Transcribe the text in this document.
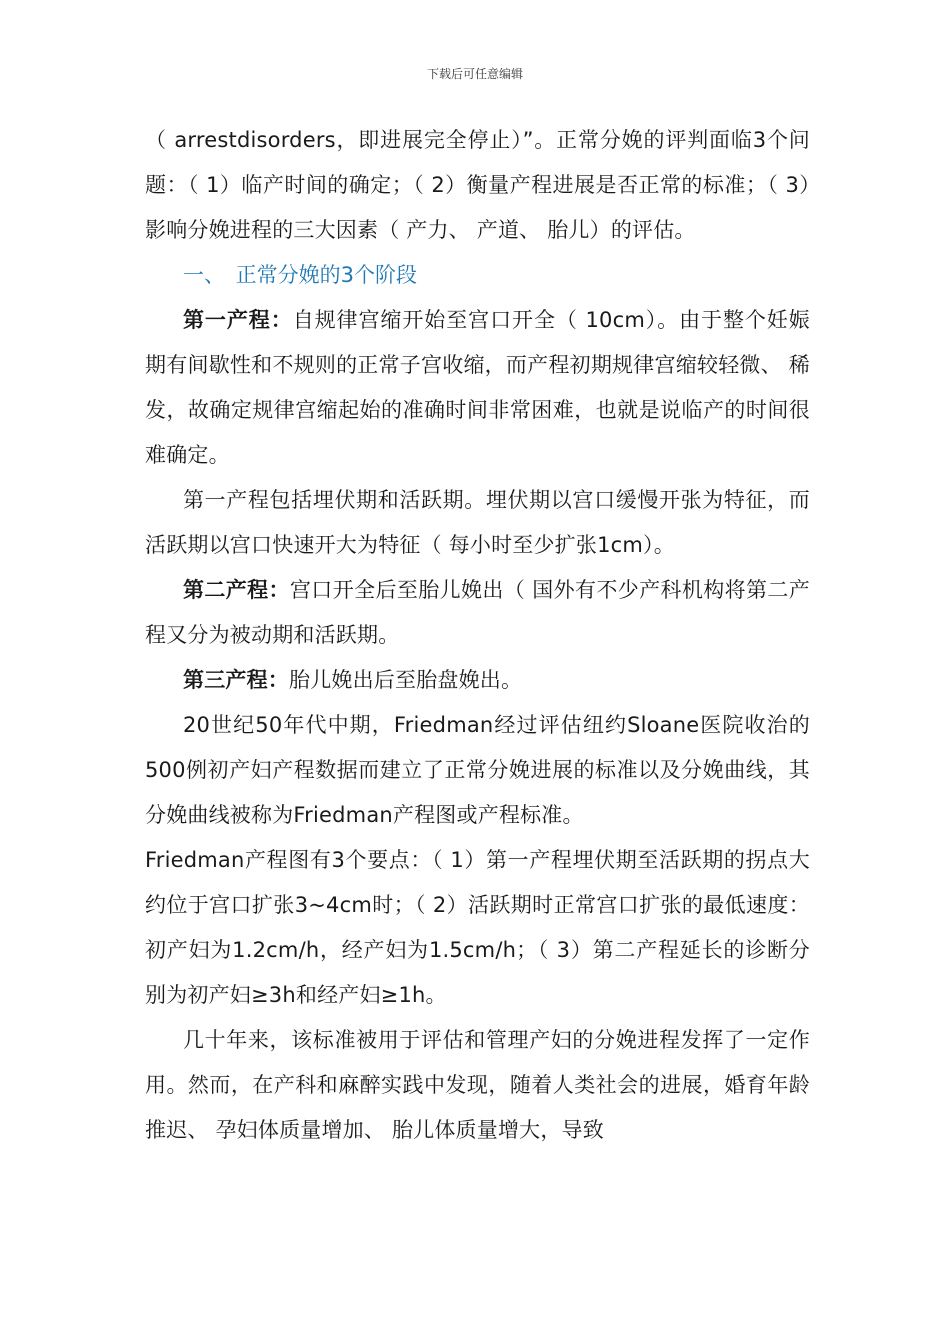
下载后可任意编辑

（ arrestdisorders，即进展完全停止）”。正常分娩的评判面临3个问题：（ 1）临产时间的确定；（ 2）衡量产程进展是否正常的标准；（ 3）影响分娩进程的三大因素（ 产力、 产道、 胎儿）的评估。

一、 正常分娩的3个阶段

第一产程：自规律宫缩开始至宫口开全（ 10cm）。由于整个妊娠期有间歇性和不规则的正常子宫收缩，而产程初期规律宫缩较轻微、 稀发，故确定规律宫缩起始的准确时间非常困难，也就是说临产的时间很难确定。

第一产程包括埋伏期和活跃期。埋伏期以宫口缓慢开张为特征，而活跃期以宫口快速开大为特征（ 每小时至少扩张1cm）。

第二产程：宫口开全后至胎儿娩出（ 国外有不少产科机构将第二产程又分为被动期和活跃期。

第三产程：胎儿娩出后至胎盘娩出。

20世纪50年代中期，Friedman经过评估纽约Sloane医院收治的500例初产妇产程数据而建立了正常分娩进展的标准以及分娩曲线，其分娩曲线被称为Friedman产程图或产程标准。

Friedman产程图有3个要点：（ 1）第一产程埋伏期至活跃期的拐点大约位于宫口扩张3~4cm时；（ 2）活跃期时正常宫口扩张的最低速度：初产妇为1.2cm/h，经产妇为1.5cm/h；（ 3）第二产程延长的诊断分别为初产妇≥3h和经产妇≥1h。

几十年来，该标准被用于评估和管理产妇的分娩进程发挥了一定作用。然而，在产科和麻醉实践中发现，随着人类社会的进展，婚育年龄推迟、 孕妇体质量增加、 胎儿体质量增大，导致
